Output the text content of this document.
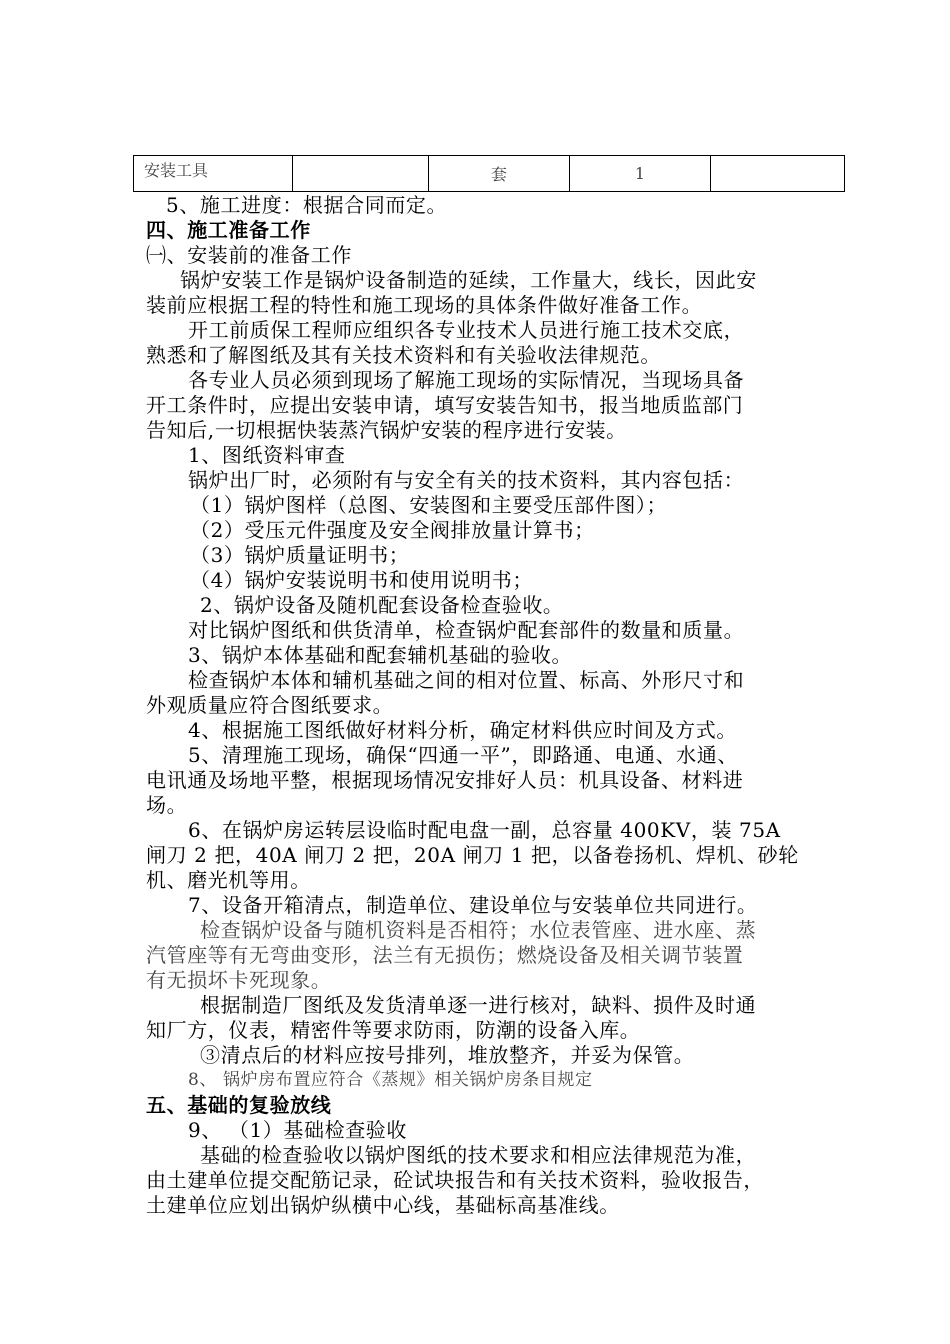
安装工具		套	1	
5、施工进度：根据合同而定。
四、施工准备工作
㈠、安装前的准备工作
锅炉安装工作是锅炉设备制造的延续，工作量大，线长，因此安
装前应根据工程的特性和施工现场的具体条件做好准备工作。
开工前质保工程师应组织各专业技术人员进行施工技术交底，
熟悉和了解图纸及其有关技术资料和有关验收法律规范。
各专业人员必须到现场了解施工现场的实际情况，当现场具备
开工条件时，应提出安装申请，填写安装告知书，报当地质监部门
告知后,一切根据快装蒸汽锅炉安装的程序进行安装。
1、图纸资料审查
锅炉出厂时，必须附有与安全有关的技术资料，其内容包括：
（1）锅炉图样（总图、安装图和主要受压部件图）；
（2）受压元件强度及安全阀排放量计算书；
（3）锅炉质量证明书；
（4）锅炉安装说明书和使用说明书；
2、锅炉设备及随机配套设备检查验收。
对比锅炉图纸和供货清单，检查锅炉配套部件的数量和质量。
3、锅炉本体基础和配套辅机基础的验收。
检查锅炉本体和辅机基础之间的相对位置、标高、外形尺寸和
外观质量应符合图纸要求。
4、根据施工图纸做好材料分析，确定材料供应时间及方式。
5、清理施工现场，确保“四通一平”，即路通、电通、水通、
电讯通及场地平整，根据现场情况安排好人员：机具设备、材料进
场。
6、在锅炉房运转层设临时配电盘一副，总容量 400KV，装 75A
闸刀 2 把，40A 闸刀 2 把，20A 闸刀 1 把，以备卷扬机、焊机、砂轮
机、磨光机等用。
7、设备开箱清点，制造单位、建设单位与安装单位共同进行。
检查锅炉设备与随机资料是否相符；水位表管座、进水座、蒸
汽管座等有无弯曲变形，法兰有无损伤；燃烧设备及相关调节装置
有无损坏卡死现象。
根据制造厂图纸及发货清单逐一进行核对，缺料、损件及时通
知厂方，仪表，精密件等要求防雨，防潮的设备入库。
③清点后的材料应按号排列，堆放整齐，并妥为保管。
8、 锅炉房布置应符合《蒸规》相关锅炉房条目规定
五、基础的复验放线
9、 （1）基础检查验收
基础的检查验收以锅炉图纸的技术要求和相应法律规范为准，
由土建单位提交配筋记录，砼试块报告和有关技术资料，验收报告，
土建单位应划出锅炉纵横中心线，基础标高基准线。
